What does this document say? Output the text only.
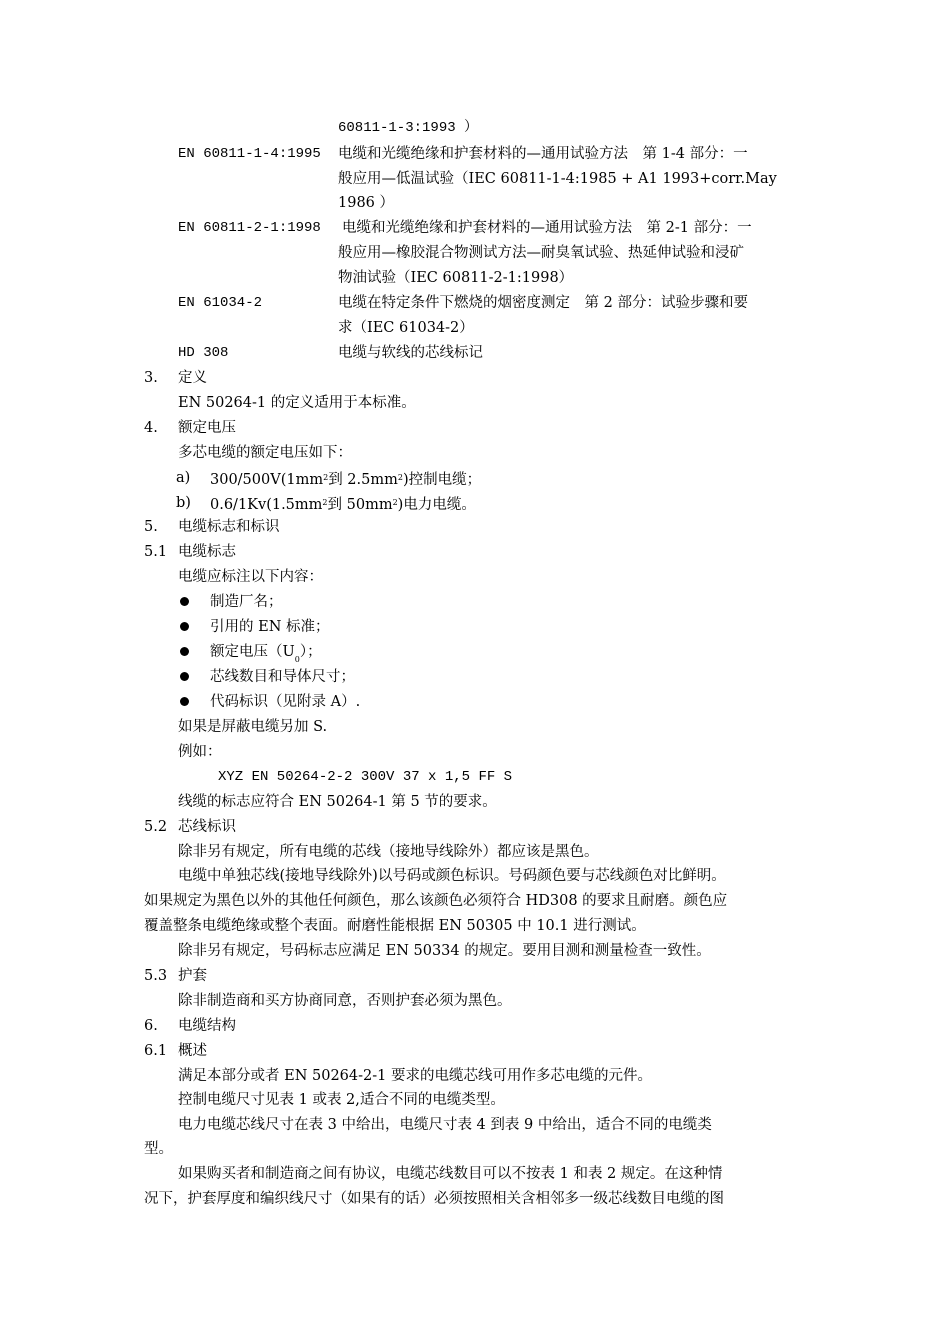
60811-1-3:1993 ）
EN 60811-1-4:1995 电缆和光缆绝缘和护套材料的—通用试验方法　第 1-4 部分：一
般应用—低温试验（IEC 60811-1-4:1985 + A1 1993+corr.May
1986 ）
EN 60811-2-1:1998 电缆和光缆绝缘和护套材料的—通用试验方法　第 2-1 部分：一
般应用—橡胶混合物测试方法—耐臭氧试验、热延伸试验和浸矿
物油试验（IEC 60811-2-1:1998）
EN 61034-2	电缆在特定条件下燃烧的烟密度测定　第 2 部分：试验步骤和要
求（IEC 61034-2）
HD 308	电缆与软线的芯线标记
3. 定义
EN 50264-1 的定义适用于本标准。
4. 额定电压
多芯电缆的额定电压如下：
a) $300/500V(1mm^2$到 $2.5mm^2$)控制电缆；
b) $0.6/1Kv(1.5mm^2$到 $50mm^2$)电力电缆。
5. 电缆标志和标识
5.1 电缆标志
电缆应标注以下内容：
制造厂名；
引用的 EN 标准；
额定电压$(U_0)$；
芯线数目和导体尺寸；
代码标识（见附录 A）.
如果是屏蔽电缆另加 S.
例如：
XYZ EN 50264-2-2 300V 37 x 1,5 FF S
线缆的标志应符合 EN 50264-1 第 5 节的要求。
5.2 芯线标识
除非另有规定，所有电缆的芯线（接地导线除外）都应该是黑色。
电缆中单独芯线(接地导线除外)以号码或颜色标识。号码颜色要与芯线颜色对比鲜明。
如果规定为黑色以外的其他任何颜色，那么该颜色必须符合 HD308 的要求且耐磨。颜色应
覆盖整条电缆绝缘或整个表面。耐磨性能根据 EN 50305 中 10.1 进行测试。
除非另有规定，号码标志应满足 EN 50334 的规定。要用目测和测量检查一致性。
5.3 护套
除非制造商和买方协商同意，否则护套必须为黑色。
6. 电缆结构
6.1 概述
满足本部分或者 EN 50264-2-1 要求的电缆芯线可用作多芯电缆的元件。
控制电缆尺寸见表 1 或表 2,适合不同的电缆类型。
电力电缆芯线尺寸在表 3 中给出，电缆尺寸表 4 到表 9 中给出，适合不同的电缆类
型。
如果购买者和制造商之间有协议，电缆芯线数目可以不按表 1 和表 2 规定。在这种情
况下，护套厚度和编织线尺寸（如果有的话）必须按照相关含相邻多一级芯线数目电缆的图
